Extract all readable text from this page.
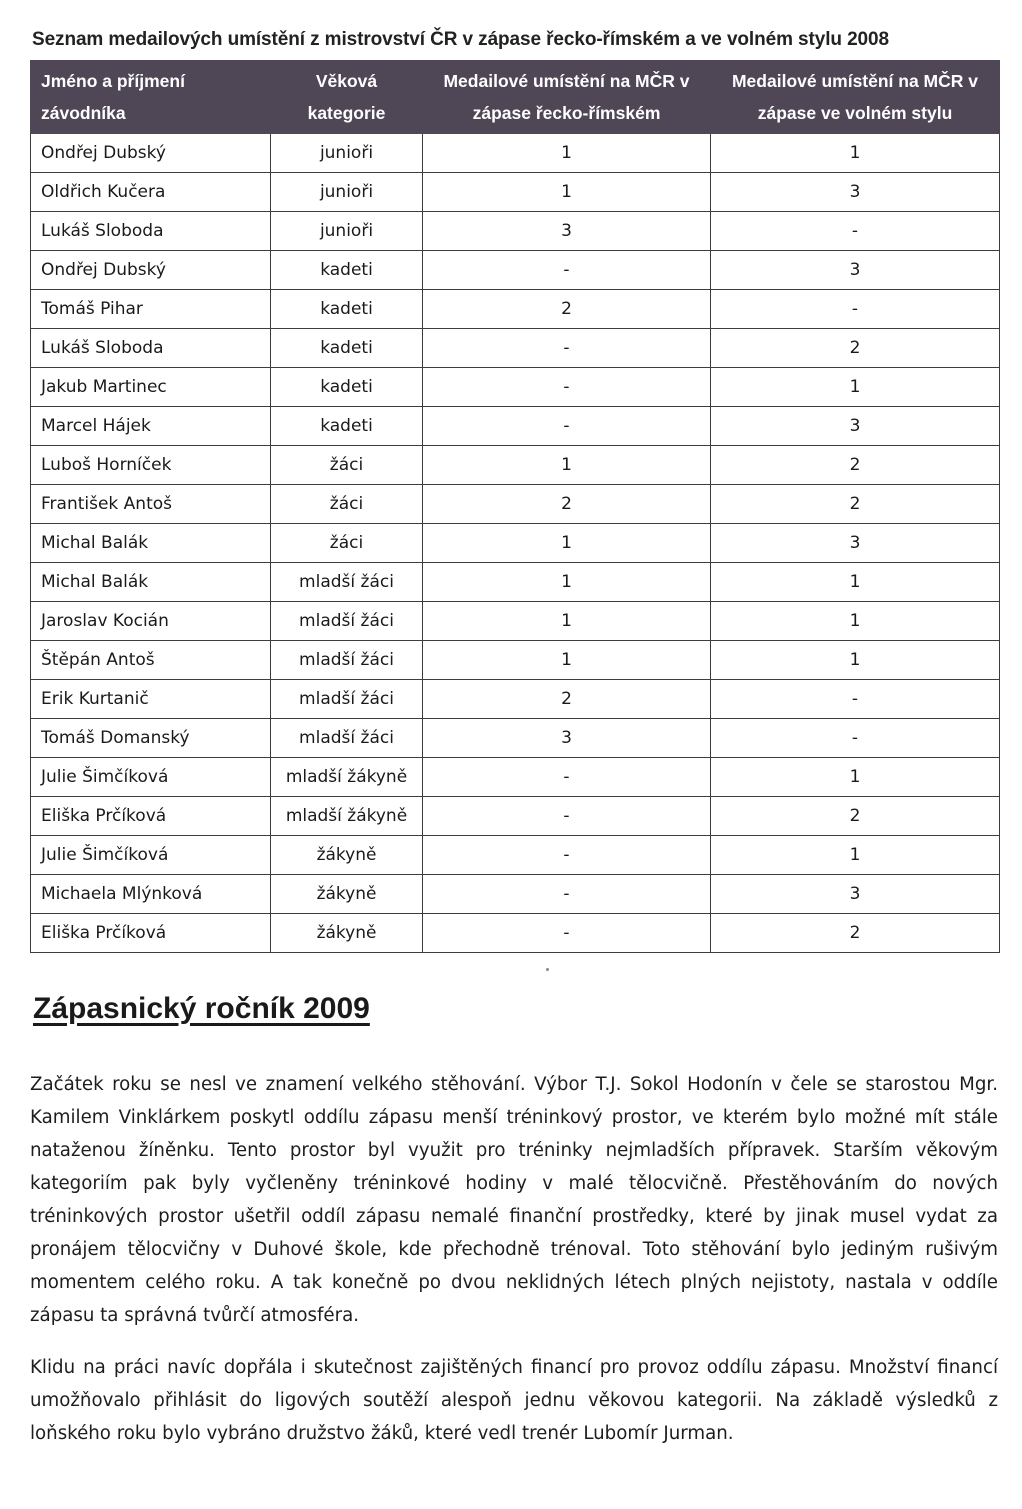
Seznam medailových umístění z mistrovství ČR v zápase řecko-římském a ve volném stylu 2008
Jméno a příjmení závodníka	Věková kategorie	Medailové umístění na MČR v zápase řecko-římském	Medailové umístění na MČR v zápase ve volném stylu
Ondřej Dubský	junioři	1	1
Oldřich Kučera	junioři	1	3
Lukáš Sloboda	junioři	3	-
Ondřej Dubský	kadeti	-	3
Tomáš Pihar	kadeti	2	-
Lukáš Sloboda	kadeti	-	2
Jakub Martinec	kadeti	-	1
Marcel Hájek	kadeti	-	3
Luboš Horníček	žáci	1	2
František Antoš	žáci	2	2
Michal Balák	žáci	1	3
Michal Balák	mladší žáci	1	1
Jaroslav Kocián	mladší žáci	1	1
Štěpán Antoš	mladší žáci	1	1
Erik Kurtanič	mladší žáci	2	-
Tomáš Domanský	mladší žáci	3	-
Julie Šimčíková	mladší žákyně	-	1
Eliška Prčíková	mladší žákyně	-	2
Julie Šimčíková	žákyně	-	1
Michaela Mlýnková	žákyně	-	3
Eliška Prčíková	žákyně	-	2
Zápasnický ročník 2009

Začátek roku se nesl ve znamení velkého stěhování. Výbor T.J. Sokol Hodonín v čele se starostou Mgr. Kamilem Vinklárkem poskytl oddílu zápasu menší tréninkový prostor, ve kterém bylo možné mít stále nataženou žíněnku. Tento prostor byl využit pro tréninky nejmladších přípravek. Starším věkovým kategoriím pak byly vyčleněny tréninkové hodiny v malé tělocvičně. Přestěhováním do nových tréninkových prostor ušetřil oddíl zápasu nemalé finanční prostředky, které by jinak musel vydat za pronájem tělocvičny v Duhové škole, kde přechodně trénoval. Toto stěhování bylo jediným rušivým momentem celého roku. A tak konečně po dvou neklidných létech plných nejistoty, nastala v oddíle zápasu ta správná tvůrčí atmosféra.

Klidu na práci navíc dopřála i skutečnost zajištěných financí pro provoz oddílu zápasu. Množství financí umožňovalo přihlásit do ligových soutěží alespoň jednu věkovou kategorii. Na základě výsledků z loňského roku bylo vybráno družstvo žáků, které vedl trenér Lubomír Jurman.
